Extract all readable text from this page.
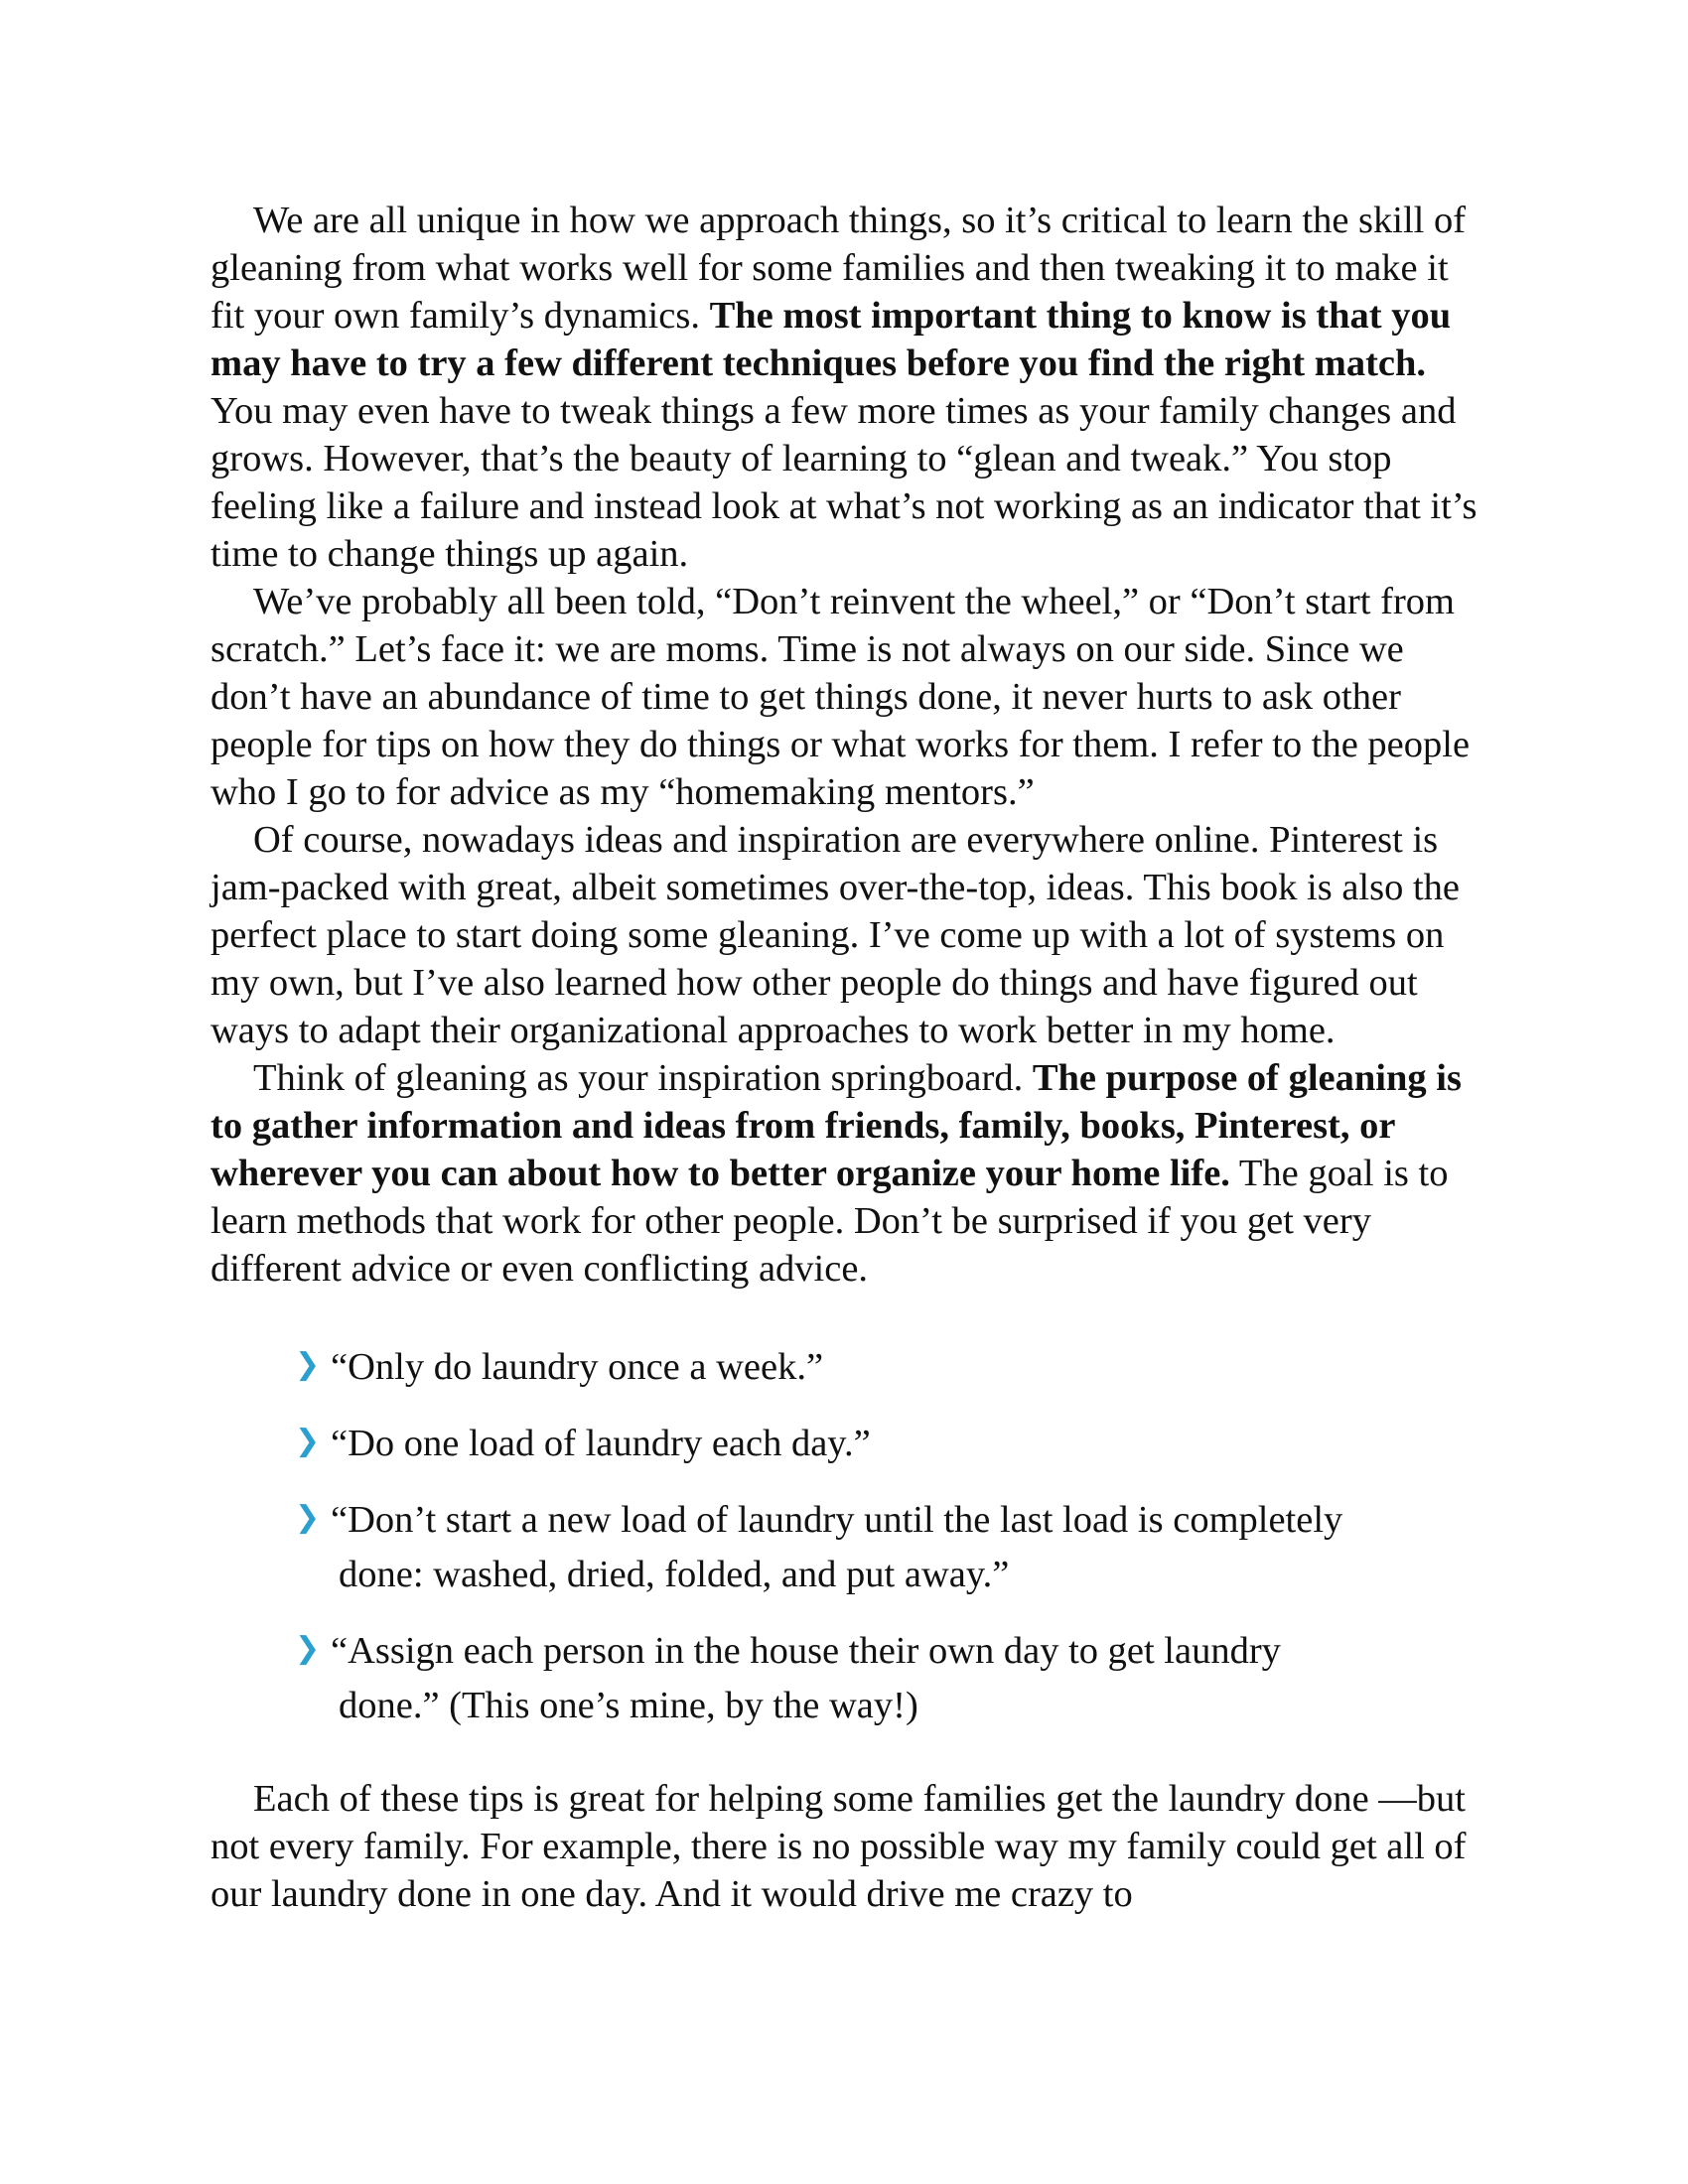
We are all unique in how we approach things, so it’s critical to learn the skill of gleaning from what works well for some families and then tweaking it to make it fit your own family’s dynamics. The most important thing to know is that you may have to try a few different techniques before you find the right match. You may even have to tweak things a few more times as your family changes and grows. However, that’s the beauty of learning to “glean and tweak.” You stop feeling like a failure and instead look at what’s not working as an indicator that it’s time to change things up again.

We’ve probably all been told, “Don’t reinvent the wheel,” or “Don’t start from scratch.” Let’s face it: we are moms. Time is not always on our side. Since we don’t have an abundance of time to get things done, it never hurts to ask other people for tips on how they do things or what works for them. I refer to the people who I go to for advice as my “homemaking mentors.”

Of course, nowadays ideas and inspiration are everywhere online. Pinterest is jam-packed with great, albeit sometimes over-the-top, ideas. This book is also the perfect place to start doing some gleaning. I’ve come up with a lot of systems on my own, but I’ve also learned how other people do things and have figured out ways to adapt their organizational approaches to work better in my home.

Think of gleaning as your inspiration springboard. The purpose of gleaning is to gather information and ideas from friends, family, books, Pinterest, or wherever you can about how to better organize your home life. The goal is to learn methods that work for other people. Don’t be surprised if you get very different advice or even conflicting advice.

❯ “Only do laundry once a week.”
❯ “Do one load of laundry each day.”
❯ “Don’t start a new load of laundry until the last load is completely
done: washed, dried, folded, and put away.”
❯ “Assign each person in the house their own day to get laundry
done.” (This one’s mine, by the way!)

Each of these tips is great for helping some families get the laundry done —but not every family. For example, there is no possible way my family could get all of our laundry done in one day. And it would drive me crazy to
